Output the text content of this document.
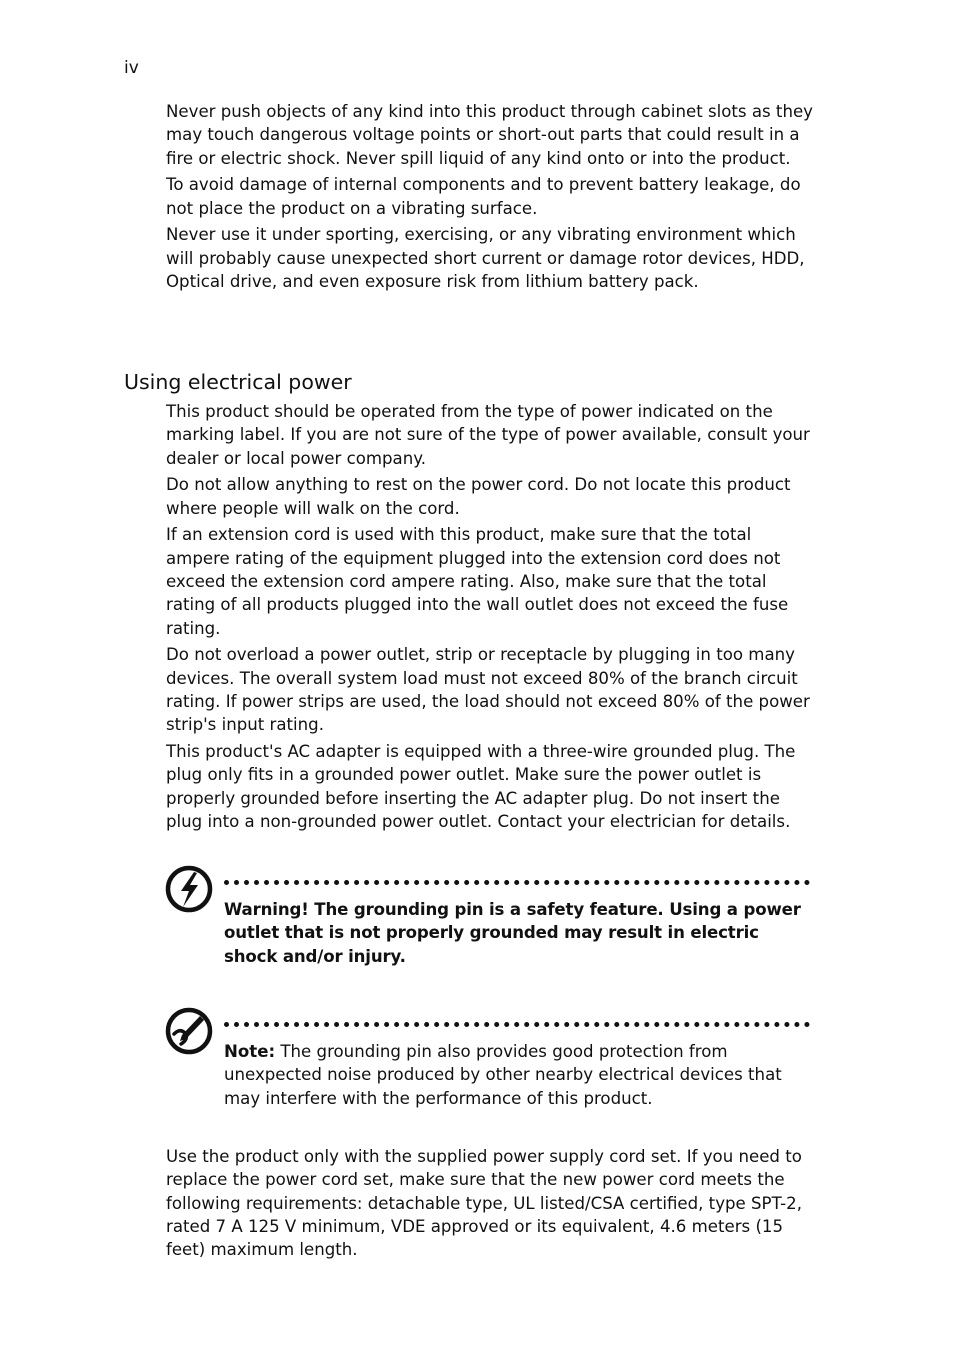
iv

Never push objects of any kind into this product through cabinet slots as they may touch dangerous voltage points or short-out parts that could result in a fire or electric shock. Never spill liquid of any kind onto or into the product.

To avoid damage of internal components and to prevent battery leakage, do not place the product on a vibrating surface.

Never use it under sporting, exercising, or any vibrating environment which will probably cause unexpected short current or damage rotor devices, HDD, Optical drive, and even exposure risk from lithium battery pack.

Using electrical power

This product should be operated from the type of power indicated on the marking label. If you are not sure of the type of power available, consult your dealer or local power company.

Do not allow anything to rest on the power cord. Do not locate this product where people will walk on the cord.

If an extension cord is used with this product, make sure that the total ampere rating of the equipment plugged into the extension cord does not exceed the extension cord ampere rating. Also, make sure that the total rating of all products plugged into the wall outlet does not exceed the fuse rating.

Do not overload a power outlet, strip or receptacle by plugging in too many devices. The overall system load must not exceed 80% of the branch circuit rating. If power strips are used, the load should not exceed 80% of the power strip's input rating.

This product's AC adapter is equipped with a three-wire grounded plug. The plug only fits in a grounded power outlet. Make sure the power outlet is properly grounded before inserting the AC adapter plug. Do not insert the plug into a non-grounded power outlet. Contact your electrician for details.

Warning! The grounding pin is a safety feature. Using a power outlet that is not properly grounded may result in electric shock and/or injury.
Note: The grounding pin also provides good protection from unexpected noise produced by other nearby electrical devices that may interfere with the performance of this product.

Use the product only with the supplied power supply cord set. If you need to replace the power cord set, make sure that the new power cord meets the following requirements: detachable type, UL listed/CSA certified, type SPT-2, rated 7 A 125 V minimum, VDE approved or its equivalent, 4.6 meters (15 feet) maximum length.
